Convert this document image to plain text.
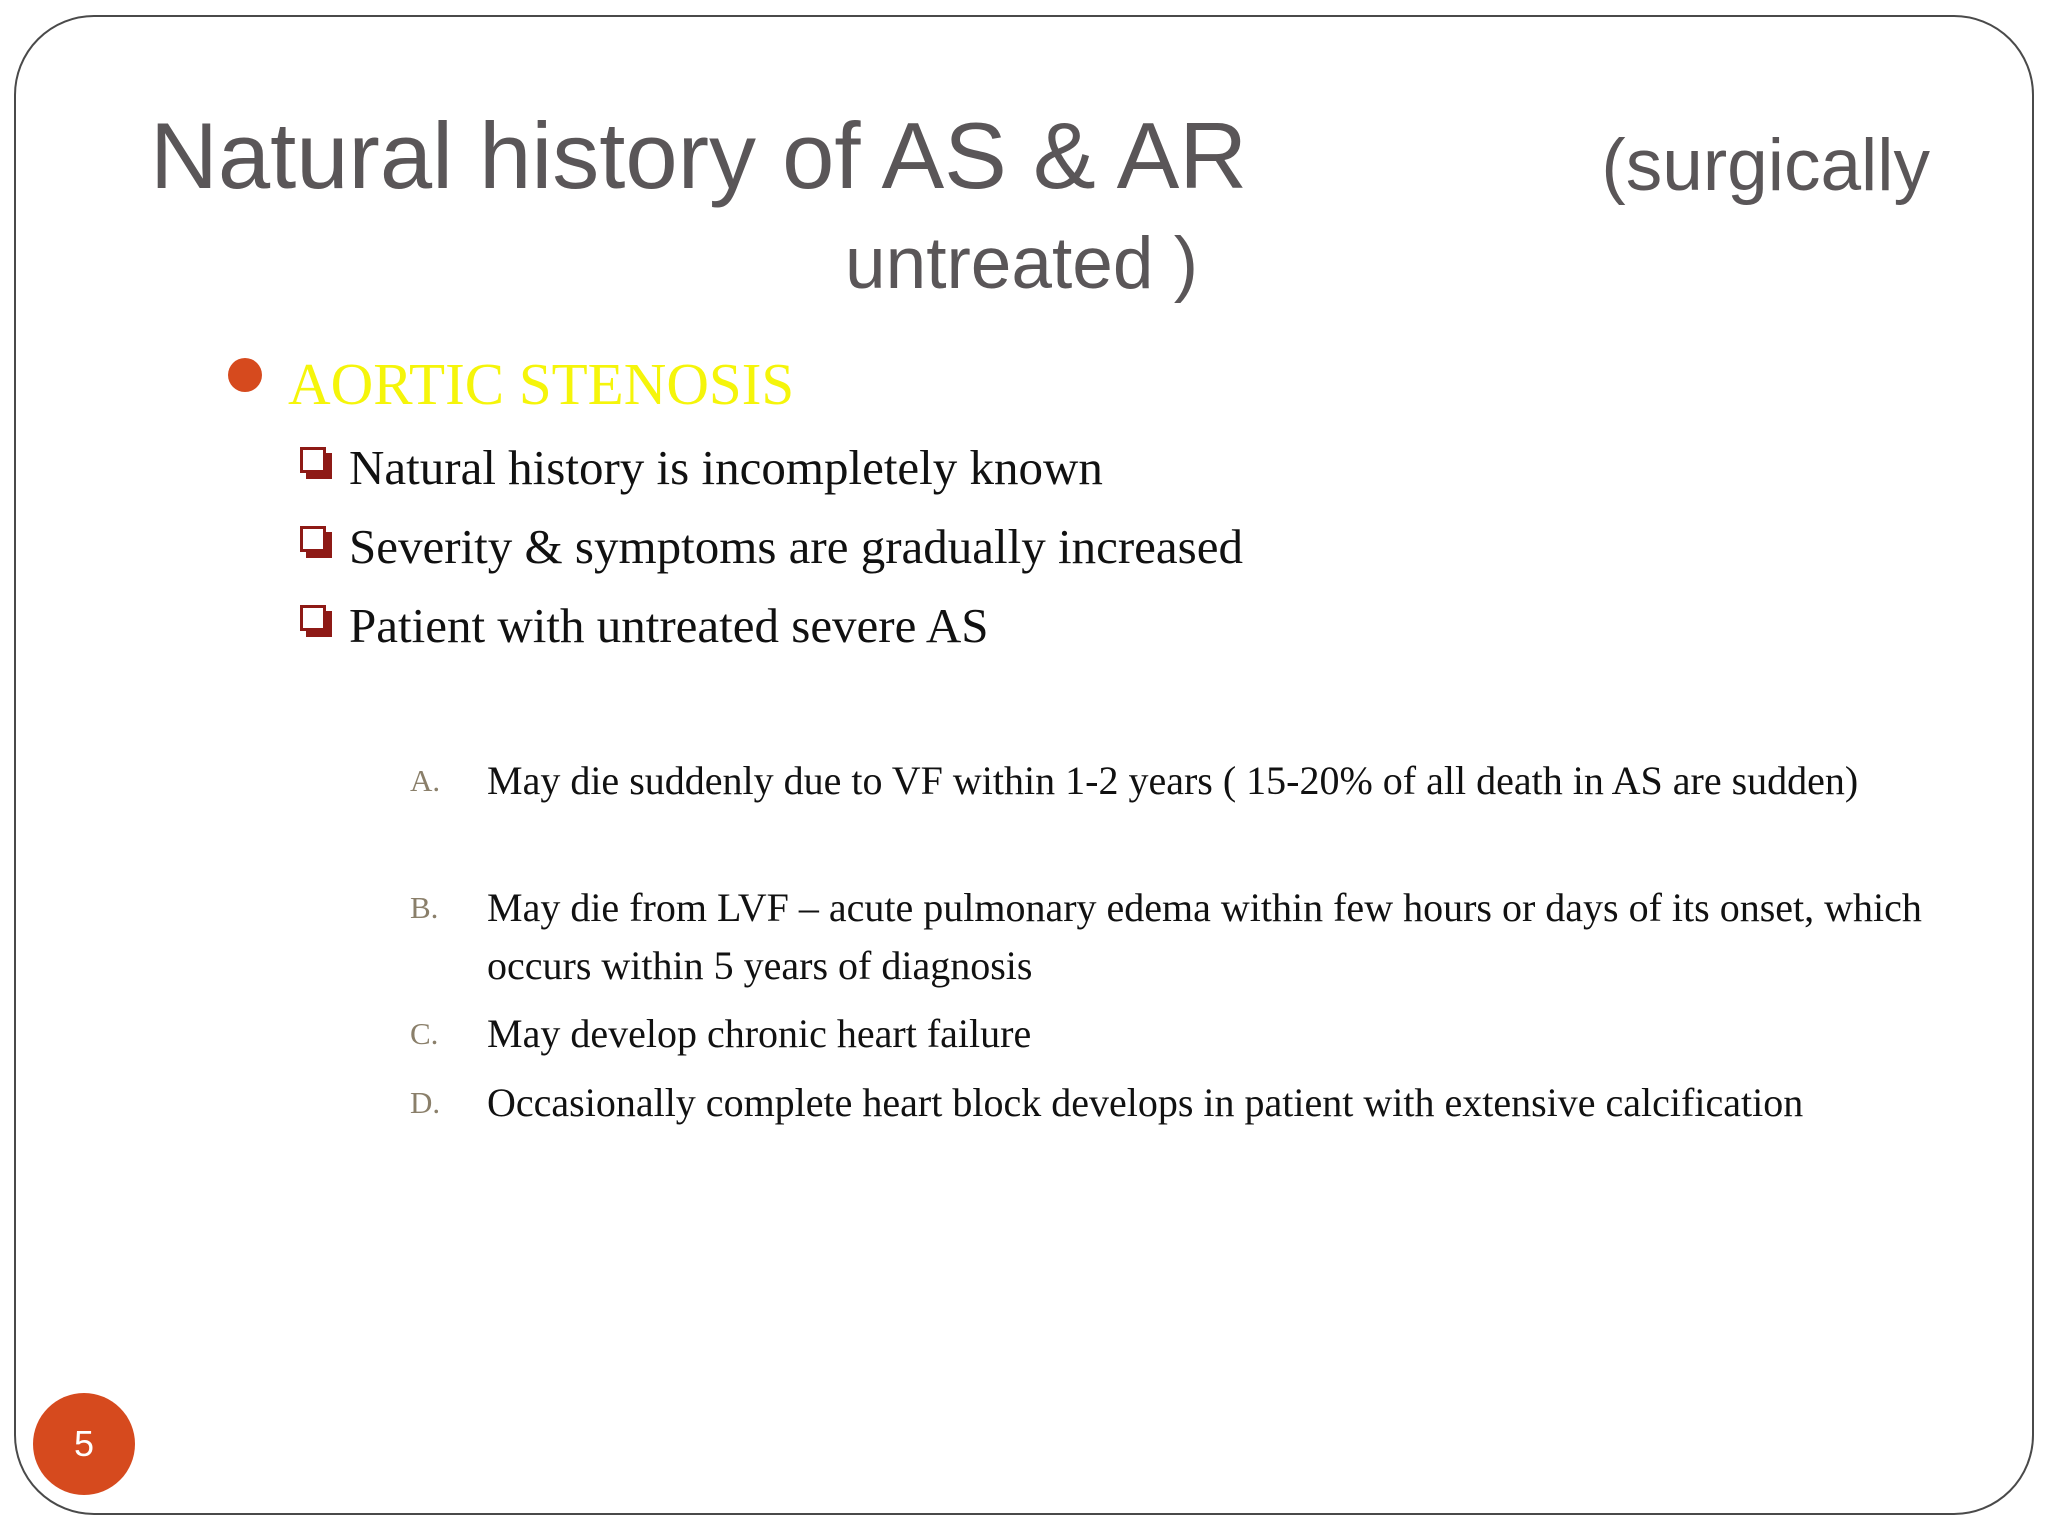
Natural history of AS & AR	(surgically
untreated )
AORTIC STENOSIS
Natural history is incompletely known
Severity & symptoms are gradually increased
Patient with untreated severe AS
A. May die suddenly due to VF within 1-2 years ( 15-20% of all death in AS are sudden)
B. May die from LVF – acute pulmonary edema within few hours or days of its onset, which occurs within 5 years of diagnosis
C. May develop chronic heart failure
D. Occasionally complete heart block develops in patient with extensive calcification
5
